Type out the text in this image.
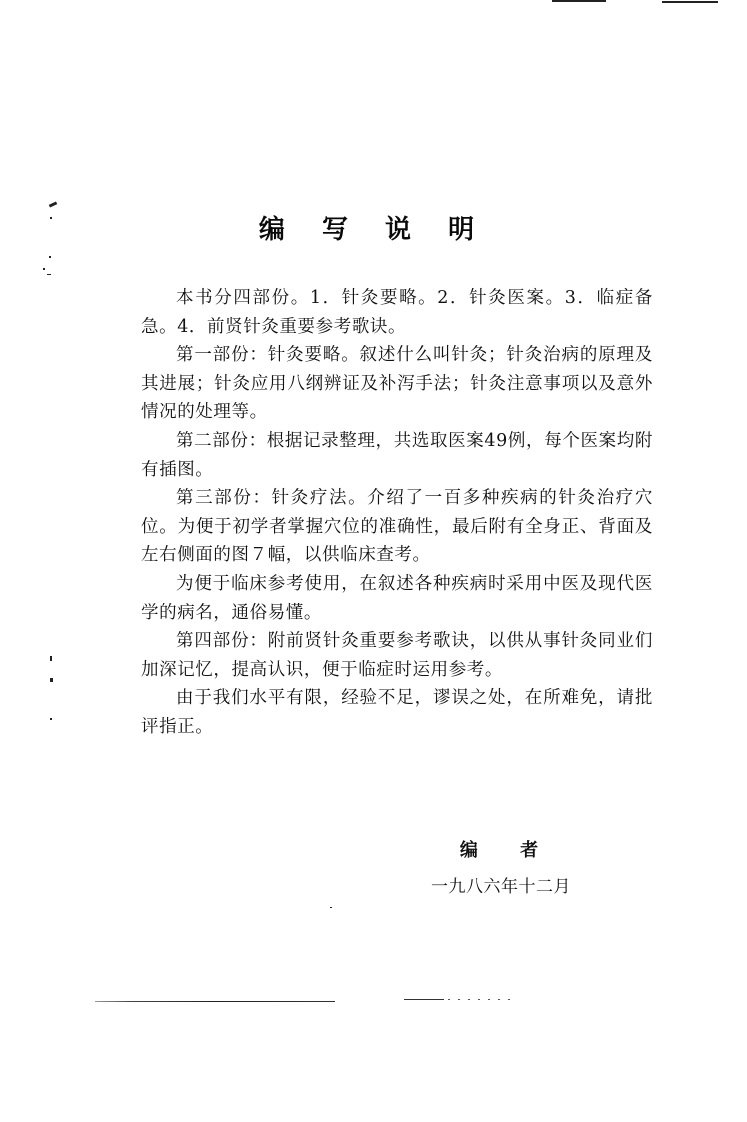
编 写 说 明

本书分四部份。1．针灸要略。2．针灸医案。3．临症备急。4．前贤针灸重要参考歌诀。

第一部份：针灸要略。叙述什么叫针灸；针灸治病的原理及其进展；针灸应用八纲辨证及补泻手法；针灸注意事项以及意外情况的处理等。

第二部份：根据记录整理，共选取医案49例，每个医案均附有插图。

第三部份：针灸疗法。介绍了一百多种疾病的针灸治疗穴位。为便于初学者掌握穴位的准确性，最后附有全身正、背面及左右侧面的图７幅，以供临床查考。

为便于临床参考使用，在叙述各种疾病时采用中医及现代医学的病名，通俗易懂。

第四部份：附前贤针灸重要参考歌诀，以供从事针灸同业们加深记忆，提高认识，便于临症时运用参考。

由于我们水平有限，经验不足，谬误之处，在所难免，请批评指正。

编 者
一九八六年十二月
